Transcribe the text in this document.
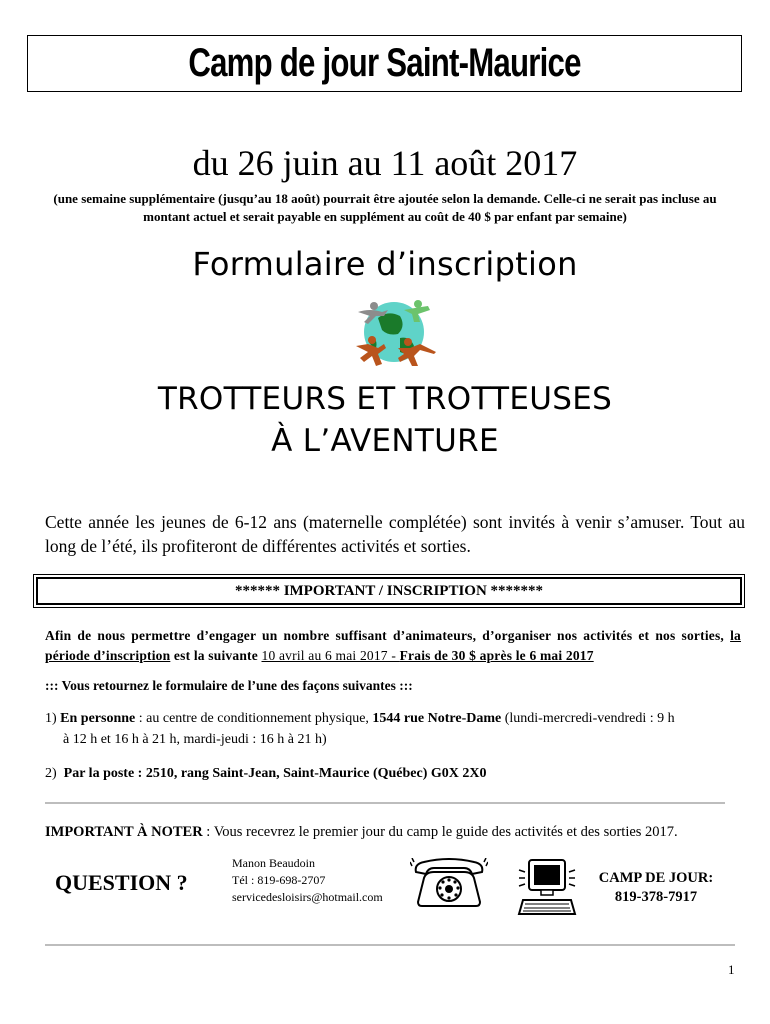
Camp de jour Saint-Maurice
du 26 juin au 11 août 2017
(une semaine supplémentaire (jusqu’au 18 août) pourrait être ajoutée selon la demande. Celle-ci ne serait pas incluse au montant actuel et serait payable en supplément au coût de 40 $ par enfant par semaine)
Formulaire d’inscription
TROTTEURS ET TROTTEUSES
À L’AVENTURE
Cette année les jeunes de 6-12 ans (maternelle complétée) sont invités à venir s’amuser. Tout au long de l’été, ils profiteront de différentes activités et sorties.
****** IMPORTANT / INSCRIPTION *******
Afin de nous permettre d’engager un nombre suffisant d’animateurs, d’organiser nos activités et nos sorties, la période d’inscription est la suivante 10 avril au 6 mai 2017 - Frais de 30 $ après le 6 mai 2017
::: Vous retournez le formulaire de l’une des façons suivantes :::
1) En personne : au centre de conditionnement physique, 1544 rue Notre-Dame (lundi-mercredi-vendredi : 9 h
à 12 h et 16 h à 21 h, mardi-jeudi : 16 h à 21 h)
2) Par la poste : 2510, rang Saint-Jean, Saint-Maurice (Québec) G0X 2X0
IMPORTANT À NOTER : Vous recevrez le premier jour du camp le guide des activités et des sorties 2017.
QUESTION ?
Manon Beaudoin
Tél : 819-698-2707
servicedesloisirs@hotmail.com
CAMP DE JOUR:
819-378-7917
1
